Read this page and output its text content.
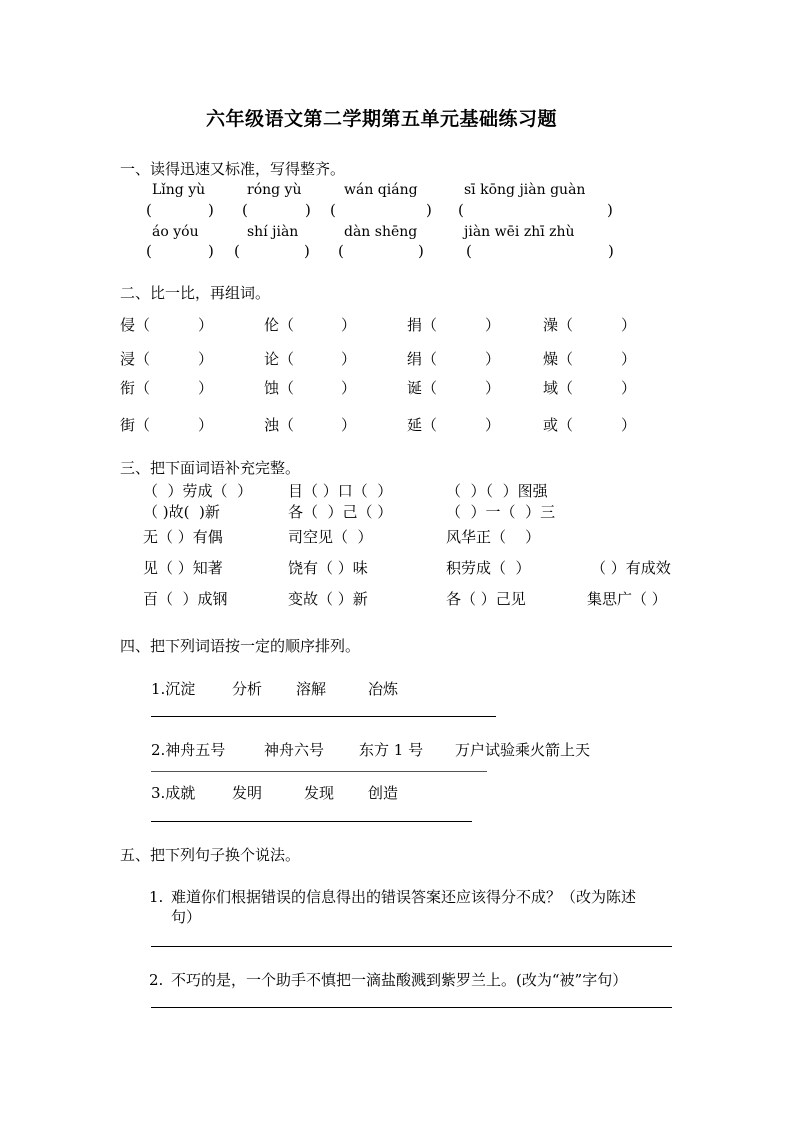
六年级语文第二学期第五单元基础练习题
一、读得迅速又标准，写得整齐。
Lǐng yù	róng yù	wán qiáng	sī kōng jiàn guàn
(	) (	) (	) (	)
áo yóu	shí jiàn	dàn shēng	jiàn wēi zhī zhù
(	) (	) (	)	(	)
二、比一比，再组词。
侵（	）	伦（	）	捐（	）	澡（	）
浸（	）	论（	）	绢（	）	燥（	）
衔（	）	蚀（	）	诞（	）	域（	）
街（	）	浊（	）	延（	）	或（	）
三、把下面词语补充完整。
（  ）劳成（  ） 目（ ）口（  ）	（  ）（  ）图强
（ )故(  )新	各（  ）己（ ）	（  ）一（  ）三
无（ ）有偶	司空见（  ）	风华正（    ）
见（ ）知著	饶有（ ）味	积劳成（  ）	（ ）有成效
百（  ）成钢	变故（ ）新	各（ ）己见	集思广（ ）
四、把下列词语按一定的顺序排列。
1.沉淀 分析 溶解	冶炼
2.神舟五号	神舟六号 东方 1 号 万户试验乘火箭上天
3.成就 发明	发现 创造
五、把下列句子换个说法。
1. 难道你们根据错误的信息得出的错误答案还应该得分不成？（改为陈述
句）
2. 不巧的是，一个助手不慎把一滴盐酸溅到紫罗兰上。(改为“被”字句）
